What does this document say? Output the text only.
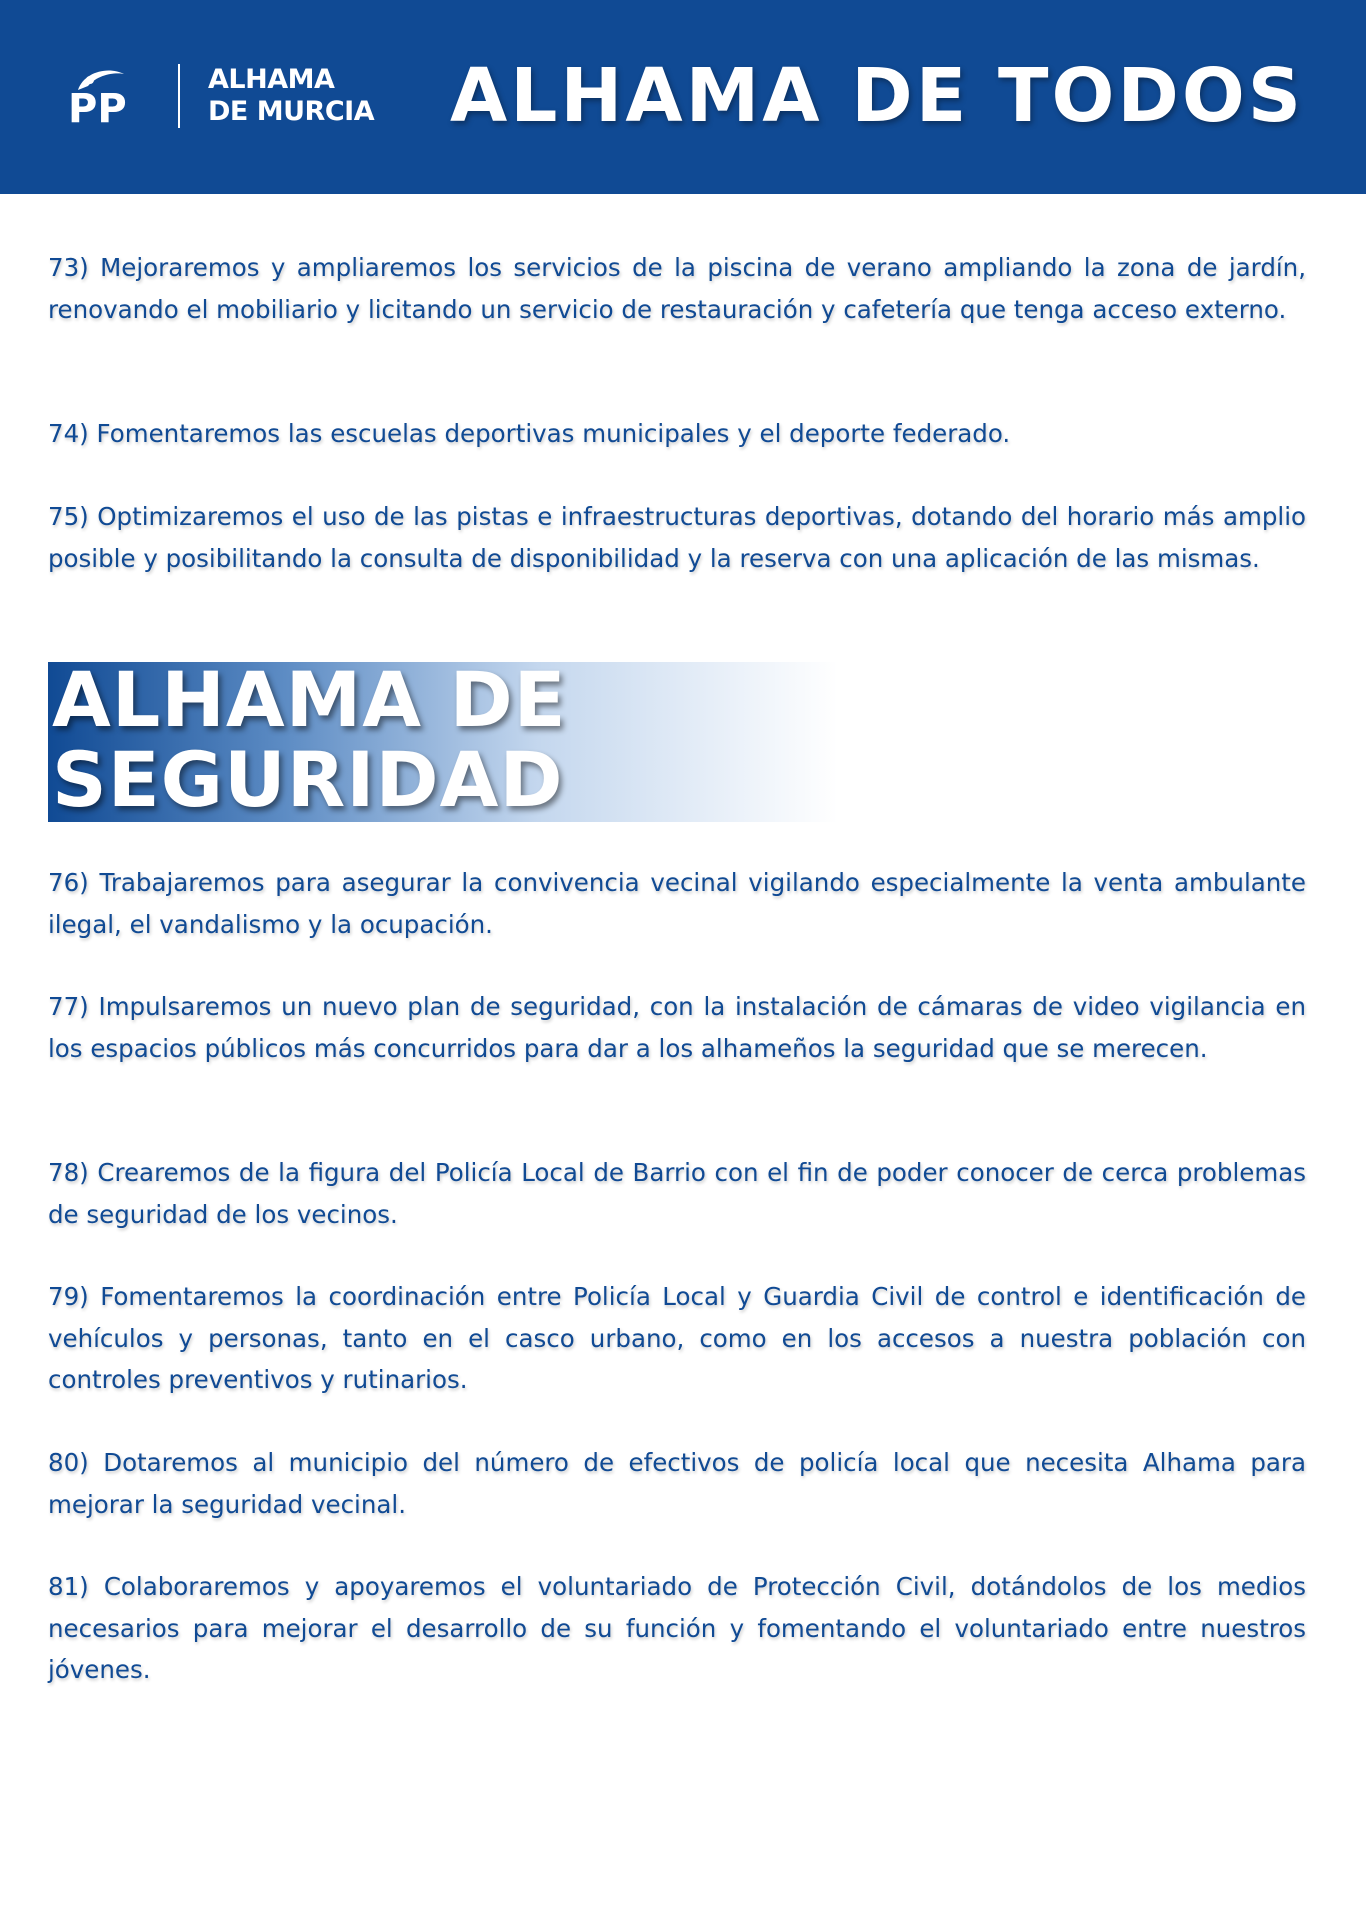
PP
ALHAMA
DE MURCIA ALHAMA DE TODOS

73) Mejoraremos y ampliaremos los servicios de la piscina de verano ampliando la zona de jardín, renovando el mobiliario y licitando un servicio de restauración y cafetería que tenga acceso externo.

74) Fomentaremos las escuelas deportivas municipales y el deporte federado.

75) Optimizaremos el uso de las pistas e infraestructuras deportivas, dotando del horario más amplio posible y posibilitando la consulta de disponibilidad y la reserva con una aplicación de las mismas.

ALHAMA DE
SEGURIDAD

76) Trabajaremos para asegurar la convivencia vecinal vigilando especialmente la venta ambulante ilegal, el vandalismo y la ocupación.

77) Impulsaremos un nuevo plan de seguridad, con la instalación de cámaras de video vigilancia en los espacios públicos más concurridos para dar a los alhameños la seguridad que se merecen.

78) Crearemos de la figura del Policía Local de Barrio con el fin de poder conocer de cerca problemas de seguridad de los vecinos.

79) Fomentaremos la coordinación entre Policía Local y Guardia Civil de control e identificación de vehículos y personas, tanto en el casco urbano, como en los accesos a nuestra población con controles preventivos y rutinarios.

80) Dotaremos al municipio del número de efectivos de policía local que necesita Alhama para mejorar la seguridad vecinal.

81) Colaboraremos y apoyaremos el voluntariado de Protección Civil, dotándolos de los medios necesarios para mejorar el desarrollo de su función y fomentando el voluntariado entre nuestros jóvenes.
